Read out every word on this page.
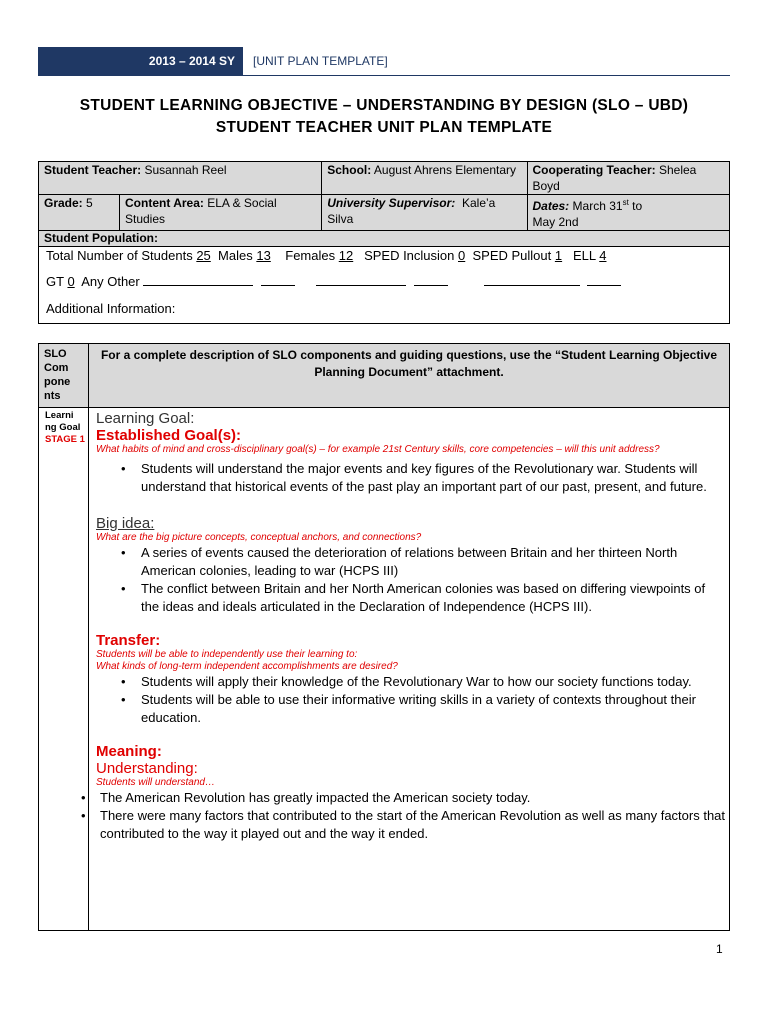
2013 – 2014 SY	[UNIT PLAN TEMPLATE]
STUDENT LEARNING OBJECTIVE – UNDERSTANDING BY DESIGN (SLO – UBD)
STUDENT TEACHER UNIT PLAN TEMPLATE
Student Teacher: Susannah Reel		School: August Ahrens Elementary	Cooperating Teacher: Shelea Boyd
Grade: 5	Content Area: ELA & Social Studies	University Supervisor: Kale’a Silva	Dates: March 31st to
May 2nd
Student Population:
Total Number of Students 25 Males 13 Females 12 SPED Inclusion 0 SPED Pullout 1 ELL 4
GT 0 Any Other
Additional Information:
SLO Com pone nts
For a complete description of SLO components and guiding questions, use the “Student Learning Objective Planning Document” attachment.
Learni ng Goal
STAGE 1
Learning Goal:
Established Goal(s):
What habits of mind and cross-disciplinary goal(s) – for example 21st Century skills, core competencies – will this unit address?
• Students will understand the major events and key figures of the Revolutionary war. Students will understand that historical events of the past play an important part of our past, present, and future.
Big idea:
What are the big picture concepts, conceptual anchors, and connections?
• A series of events caused the deterioration of relations between Britain and her thirteen North American colonies, leading to war (HCPS III)
• The conflict between Britain and her North American colonies was based on differing viewpoints of the ideas and ideals articulated in the Declaration of Independence (HCPS III).
Transfer:
Students will be able to independently use their learning to:
What kinds of long-term independent accomplishments are desired?
• Students will apply their knowledge of the Revolutionary War to how our society functions today.
• Students will be able to use their informative writing skills in a variety of contexts throughout their education.
Meaning:
Understanding:
Students will understand…
• The American Revolution has greatly impacted the American society today.
• There were many factors that contributed to the start of the American Revolution as well as many factors that contributed to the way it played out and the way it ended.
1
